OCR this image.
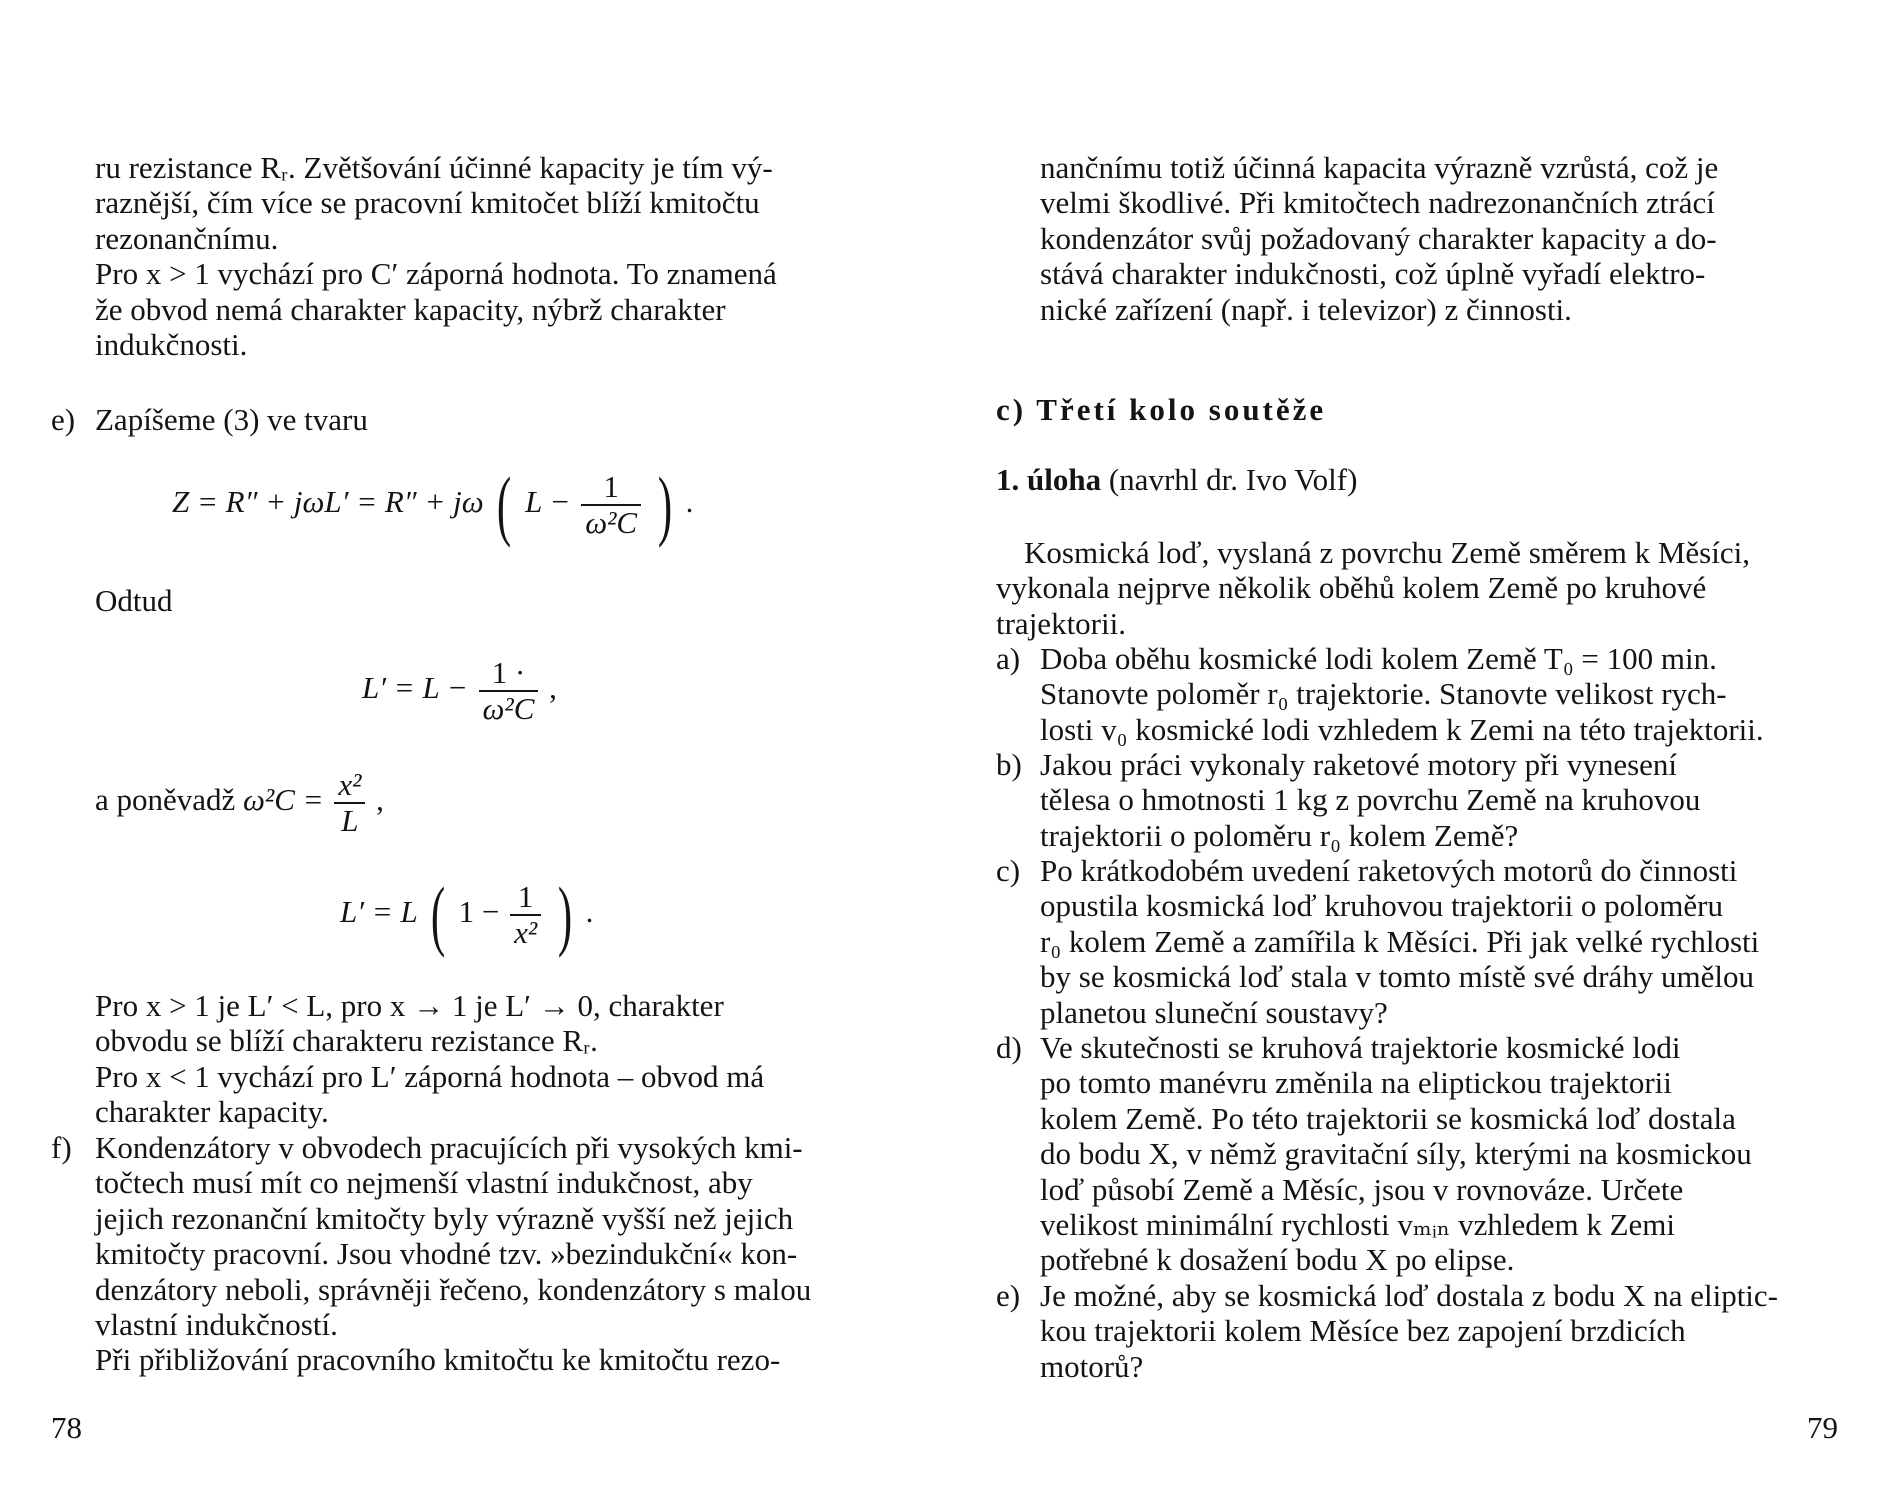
ru rezistance Rᵣ. Zvětšování účinné kapacity je tím vý-

raznější, čím více se pracovní kmitočet blíží kmitočtu

rezonančnímu.

Pro x > 1 vychází pro C′ záporná hodnota. To znamená

že obvod nemá charakter kapacity, nýbrž charakter

indukčnosti.

e) Zapíšeme (3) ve tvaru
Z = R″ + jωL′ = R″ + jω ( $L - \frac{1}{\text{ω²C}}$ ) .
Odtud
$L' = L - \frac{1 \cdot}{\text{ω²C}}$ ,
a poněvadž $\omega^2C = \frac{\text{x²}}{L}$ ,
L′ = L ( $1 - \frac{1}{\text{x²}}$ ) .

Pro x > 1 je L′ < L, pro x → 1 je L′ → 0, charakter

obvodu se blíží charakteru rezistance Rᵣ.

Pro x < 1 vychází pro L′ záporná hodnota – obvod má

charakter kapacity.

f) Kondenzátory v obvodech pracujících při vysokých kmi-

točtech musí mít co nejmenší vlastní indukčnost, aby

jejich rezonanční kmitočty byly výrazně vyšší než jejich

kmitočty pracovní. Jsou vhodné tzv. »bezindukční« kon-

denzátory neboli, správněji řečeno, kondenzátory s malou

vlastní indukčností.

Při přibližování pracovního kmitočtu ke kmitočtu rezo-

78

nančnímu totiž účinná kapacita výrazně vzrůstá, což je

velmi škodlivé. Při kmitočtech nadrezonančních ztrácí

kondenzátor svůj požadovaný charakter kapacity a do-

stává charakter indukčnosti, což úplně vyřadí elektro-

nické zařízení (např. i televizor) z činnosti.

c) Třetí kolo soutěže
1. úloha (navrhl dr. Ivo Volf)

Kosmická loď, vyslaná z povrchu Země směrem k Měsíci,

vykonala nejprve několik oběhů kolem Země po kruhové

trajektorii.

a) Doba oběhu kosmické lodi kolem Země T₀ = 100 min.

Stanovte poloměr r₀ trajektorie. Stanovte velikost rych-

losti v₀ kosmické lodi vzhledem k Zemi na této trajektorii.

b) Jakou práci vykonaly raketové motory při vynesení

tělesa o hmotnosti 1 kg z povrchu Země na kruhovou

trajektorii o poloměru r₀ kolem Země?

c) Po krátkodobém uvedení raketových motorů do činnosti

opustila kosmická loď kruhovou trajektorii o poloměru

r₀ kolem Země a zamířila k Měsíci. Při jak velké rychlosti

by se kosmická loď stala v tomto místě své dráhy umělou

planetou sluneční soustavy?

d) Ve skutečnosti se kruhová trajektorie kosmické lodi

po tomto manévru změnila na eliptickou trajektorii

kolem Země. Po této trajektorii se kosmická loď dostala

do bodu X, v němž gravitační síly, kterými na kosmickou

loď působí Země a Měsíc, jsou v rovnováze. Určete

velikost minimální rychlosti vₘᵢₙ vzhledem k Zemi

potřebné k dosažení bodu X po elipse.

e) Je možné, aby se kosmická loď dostala z bodu X na eliptic-

kou trajektorii kolem Měsíce bez zapojení brzdicích

motorů?

79
